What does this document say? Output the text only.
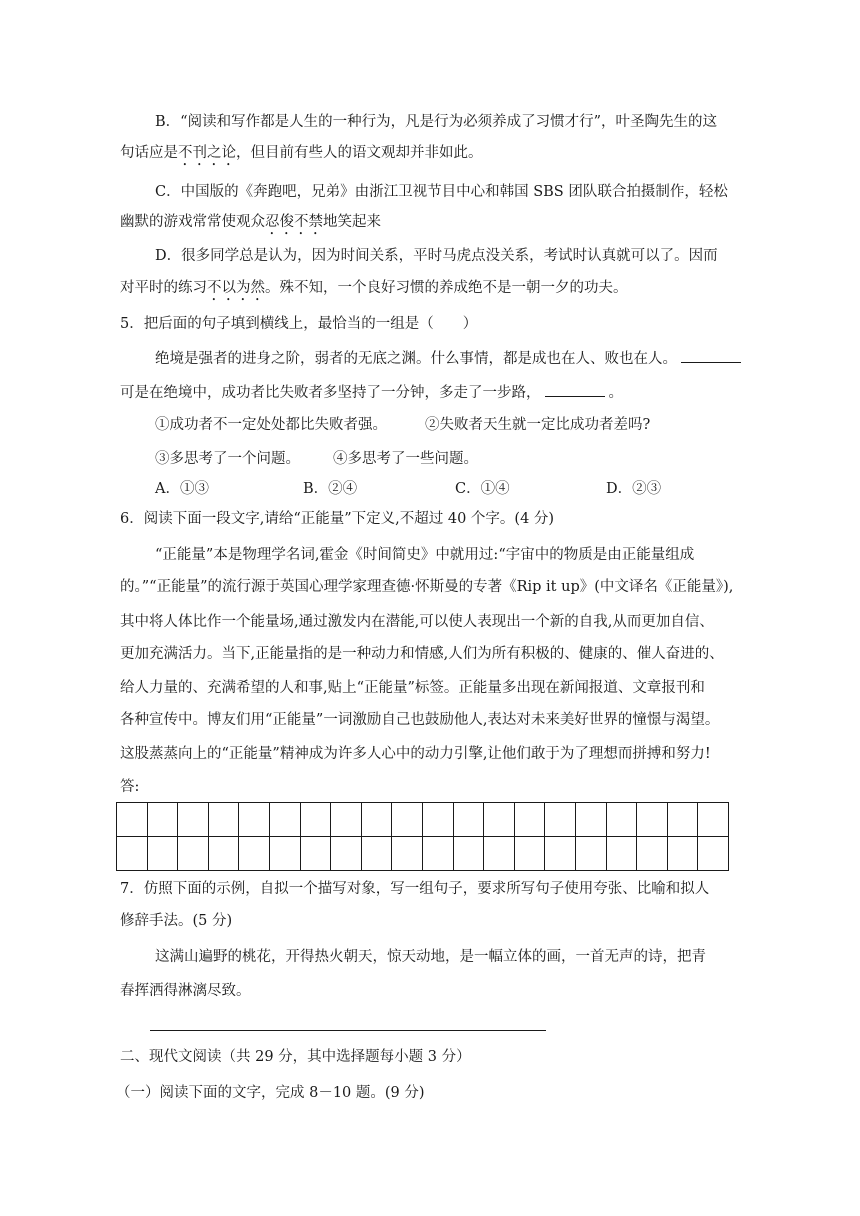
B．“阅读和写作都是人生的一种行为，凡是行为必须养成了习惯才行”，叶圣陶先生的这
句话应是不刊之论，但目前有些人的语文观却并非如此。
C．中国版的《奔跑吧，兄弟》由浙江卫视节目中心和韩国 SBS 团队联合拍摄制作，轻松
幽默的游戏常常使观众忍俊不禁地笑起来
D．很多同学总是认为，因为时间关系，平时马虎点没关系，考试时认真就可以了。因而
对平时的练习不以为然。殊不知，一个良好习惯的养成绝不是一朝一夕的功夫。
5．把后面的句子填到横线上，最恰当的一组是（　　）
绝境是强者的进身之阶，弱者的无底之渊。什么事情，都是成也在人、败也在人。
可是在绝境中，成功者比失败者多坚持了一分钟，多走了一步路，	。
①成功者不一定处处都比失败者强。	②失败者天生就一定比成功者差吗?
③多思考了一个问题。 ④多思考了一些问题。
A．①③	B．②④	C．①④	D．②③
6．阅读下面一段文字,请给“正能量”下定义,不超过 40 个字。(4 分)
“正能量”本是物理学名词,霍金《时间简史》中就用过:“宇宙中的物质是由正能量组成
的。”“正能量”的流行源于英国心理学家理查德·怀斯曼的专著《Rip it up》(中文译名《正能量》),
其中将人体比作一个能量场,通过激发内在潜能,可以使人表现出一个新的自我,从而更加自信、
更加充满活力。当下,正能量指的是一种动力和情感,人们为所有积极的、健康的、催人奋进的、
给人力量的、充满希望的人和事,贴上“正能量”标签。正能量多出现在新闻报道、文章报刊和
各种宣传中。博友们用“正能量”一词激励自己也鼓励他人,表达对未来美好世界的憧憬与渴望。
这股蒸蒸向上的“正能量”精神成为许多人心中的动力引擎,让他们敢于为了理想而拼搏和努力!
答:

7．仿照下面的示例，自拟一个描写对象，写一组句子，要求所写句子使用夸张、比喻和拟人
修辞手法。(5 分)
这满山遍野的桃花，开得热火朝天，惊天动地，是一幅立体的画，一首无声的诗，把青
春挥洒得淋漓尽致。
二、现代文阅读（共 29 分，其中选择题每小题 3 分）
（一）阅读下面的文字，完成 8－10 题。(9 分)
